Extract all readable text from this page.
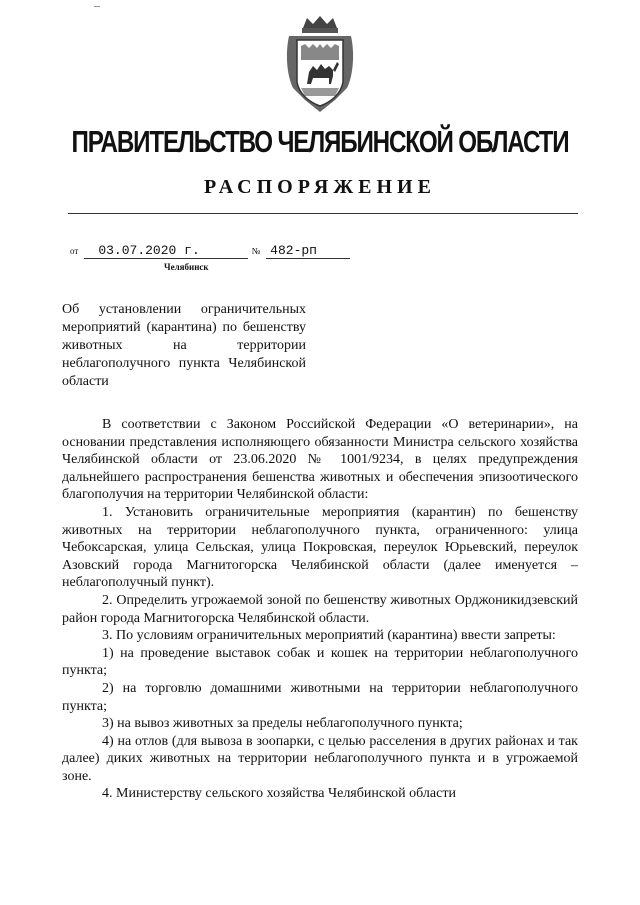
ПРАВИТЕЛЬСТВО ЧЕЛЯБИНСКОЙ ОБЛАСТИ
РАСПОРЯЖЕНИЕ
от 03.07.2020 г.	№ 482-рп
Челябинск
Об установлении ограничительных мероприятий (карантина) по бешенству животных на территории неблагополучного пункта Челябинской области

В соответствии с Законом Российской Федерации «О ветеринарии», на основании представления исполняющего обязанности Министра сельского хозяйства Челябинской области от 23.06.2020 № 1001/9234, в целях предупреждения дальнейшего распространения бешенства животных и обеспечения эпизоотического благополучия на территории Челябинской области:

1. Установить ограничительные мероприятия (карантин) по бешенству животных на территории неблагополучного пункта, ограниченного: улица Чебоксарская, улица Сельская, улица Покровская, переулок Юрьевский, переулок Азовский города Магнитогорска Челябинской области (далее именуется – неблагополучный пункт).

2. Определить угрожаемой зоной по бешенству животных Орджоникидзевский район города Магнитогорска Челябинской области.

3. По условиям ограничительных мероприятий (карантина) ввести запреты:

1) на проведение выставок собак и кошек на территории неблагополучного пункта;

2) на торговлю домашними животными на территории неблагополучного пункта;

3) на вывоз животных за пределы неблагополучного пункта;

4) на отлов (для вывоза в зоопарки, с целью расселения в других районах и так далее) диких животных на территории неблагополучного пункта и в угрожаемой зоне.

4. Министерству сельского хозяйства Челябинской области
